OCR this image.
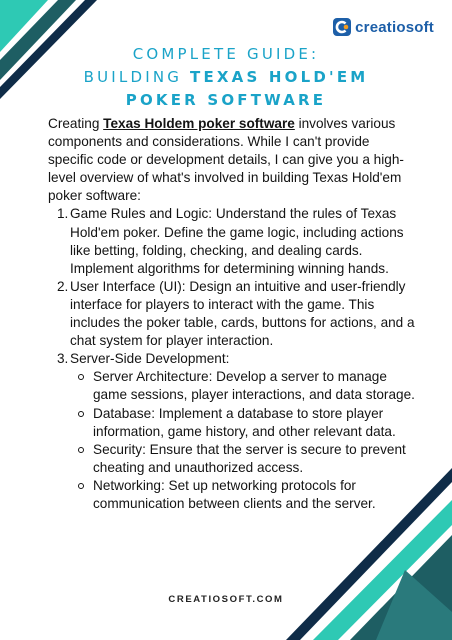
creatiosoft
COMPLETE GUIDE:
BUILDING TEXAS HOLD'EM
POKER SOFTWARE

Creating Texas Holdem poker software involves various components and considerations. While I can't provide specific code or development details, I can give you a high-level overview of what's involved in building Texas Hold'em poker software:

1. Game Rules and Logic: Understand the rules of Texas Hold'em poker. Define the game logic, including actions like betting, folding, checking, and dealing cards. Implement algorithms for determining winning hands.
2. User Interface (UI): Design an intuitive and user-friendly interface for players to interact with the game. This includes the poker table, cards, buttons for actions, and a chat system for player interaction.
3. Server-Side Development:
Server Architecture: Develop a server to manage game sessions, player interactions, and data storage.
Database: Implement a database to store player information, game history, and other relevant data.
Security: Ensure that the server is secure to prevent cheating and unauthorized access.
Networking: Set up networking protocols for communication between clients and the server.
CREATIOSOFT.COM
